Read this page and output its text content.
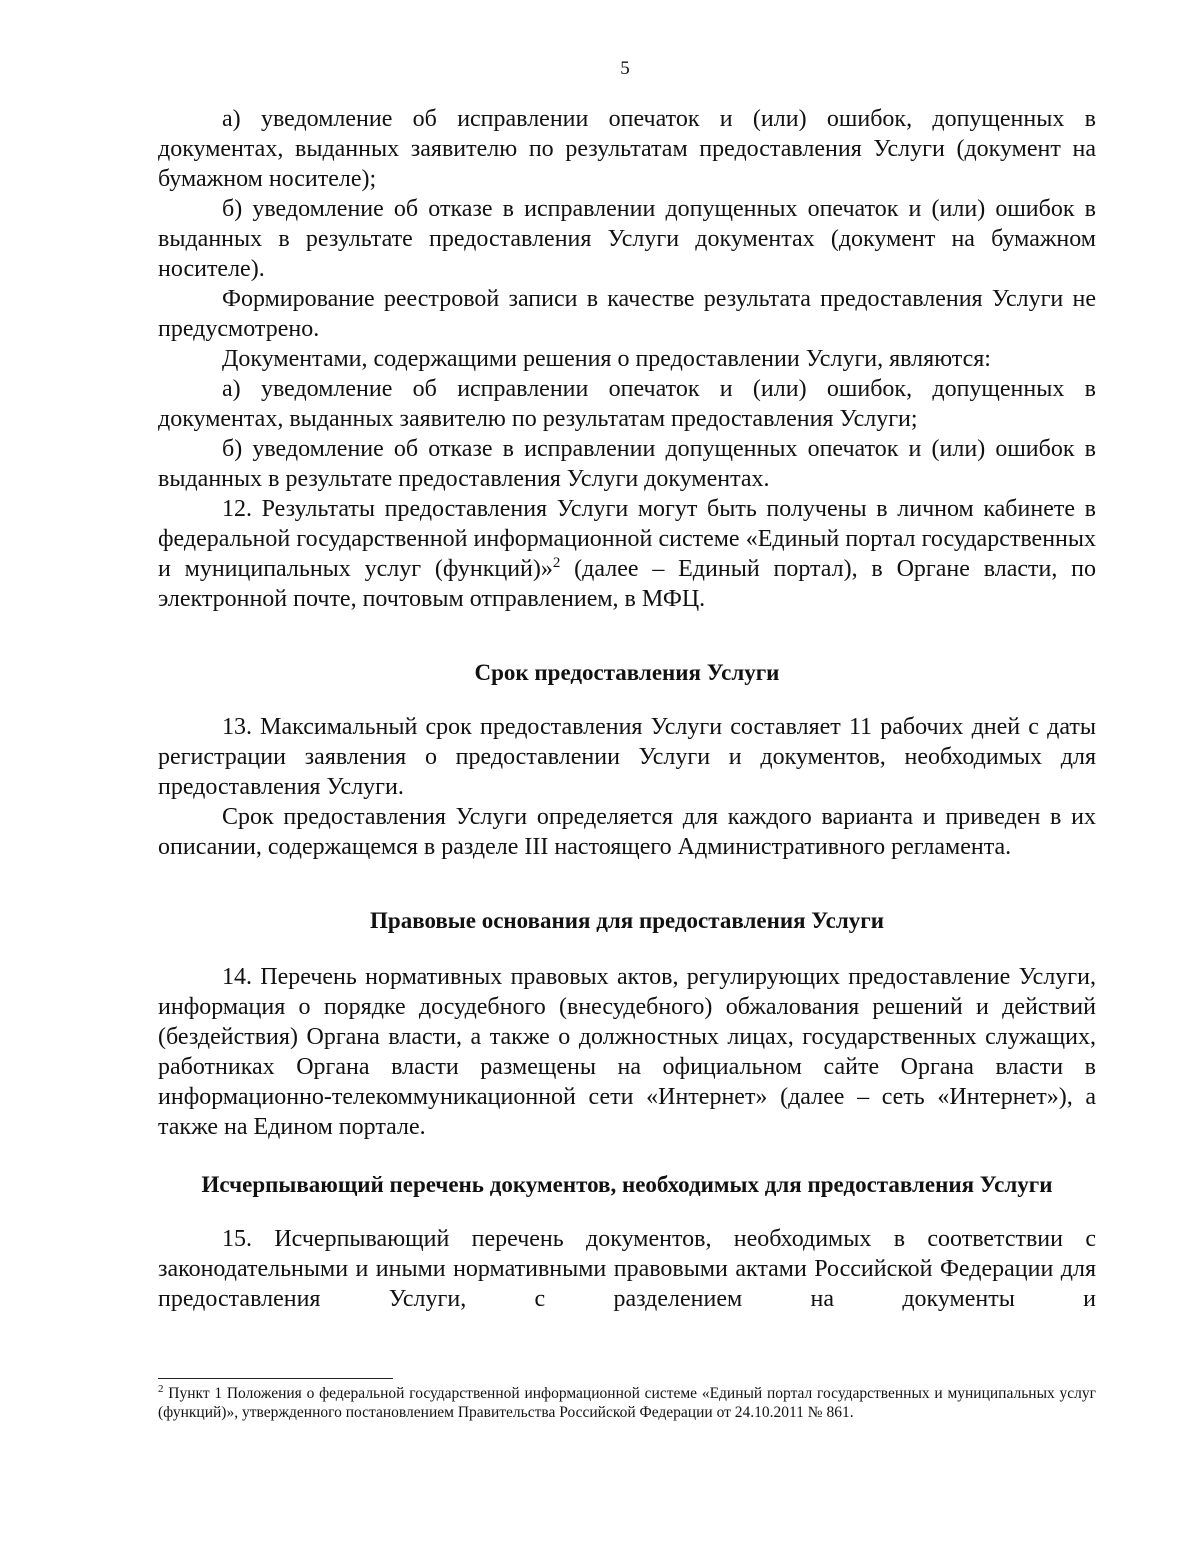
5

а) уведомление об исправлении опечаток и (или) ошибок, допущенных в документах, выданных заявителю по результатам предоставления Услуги (документ на бумажном носителе);

б) уведомление об отказе в исправлении допущенных опечаток и (или) ошибок в выданных в результате предоставления Услуги документах (документ на бумажном носителе).

Формирование реестровой записи в качестве результата предоставления Услуги не предусмотрено.

Документами, содержащими решения о предоставлении Услуги, являются:

а) уведомление об исправлении опечаток и (или) ошибок, допущенных в документах, выданных заявителю по результатам предоставления Услуги;

б) уведомление об отказе в исправлении допущенных опечаток и (или) ошибок в выданных в результате предоставления Услуги документах.

12. Результаты предоставления Услуги могут быть получены в личном кабинете в федеральной государственной информационной системе «Единый портал государственных и муниципальных услуг (функций)»$^2$ (далее – Единый портал), в Органе власти, по электронной почте, почтовым отправлением, в МФЦ.

Срок предоставления Услуги

13. Максимальный срок предоставления Услуги составляет 11 рабочих дней с даты регистрации заявления о предоставлении Услуги и документов, необходимых для предоставления Услуги.

Срок предоставления Услуги определяется для каждого варианта и приведен в их описании, содержащемся в разделе III настоящего Административного регламента.

Правовые основания для предоставления Услуги

14. Перечень нормативных правовых актов, регулирующих предоставление Услуги, информация о порядке досудебного (внесудебного) обжалования решений и действий (бездействия) Органа власти, а также о должностных лицах, государственных служащих, работниках Органа власти размещены на официальном сайте Органа власти в информационно-телекоммуникационной сети «Интернет» (далее – сеть «Интернет»), а также на Едином портале.

Исчерпывающий перечень документов, необходимых для предоставления Услуги

15. Исчерпывающий перечень документов, необходимых в соответствии с законодательными и иными нормативными правовыми актами Российской Федерации для предоставления Услуги, с разделением на документы и

$^2$ Пункт 1 Положения о федеральной государственной информационной системе «Единый портал государственных и муниципальных услуг (функций)», утвержденного постановлением Правительства Российской Федерации от 24.10.2011 № 861.
